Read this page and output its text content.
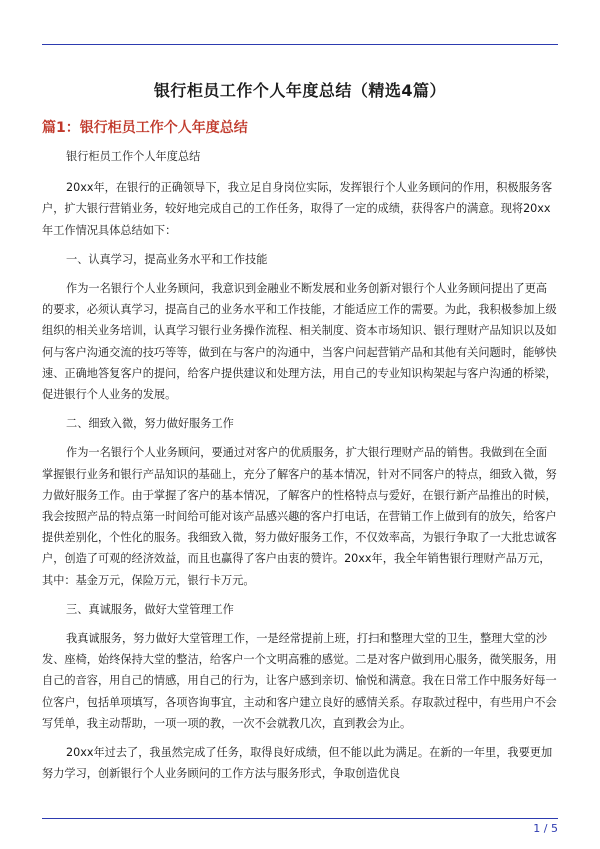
银行柜员工作个人年度总结（精选4篇）
篇1：银行柜员工作个人年度总结

银行柜员工作个人年度总结

20xx年，在银行的正确领导下，我立足自身岗位实际，发挥银行个人业务顾问的作用，积极服务客户，扩大银行营销业务，较好地完成自己的工作任务，取得了一定的成绩，获得客户的满意。现将20xx年工作情况具体总结如下：

一、认真学习，提高业务水平和工作技能

作为一名银行个人业务顾问，我意识到金融业不断发展和业务创新对银行个人业务顾问提出了更高的要求，必须认真学习，提高自己的业务水平和工作技能，才能适应工作的需要。为此，我积极参加上级组织的相关业务培训，认真学习银行业务操作流程、相关制度、资本市场知识、银行理财产品知识以及如何与客户沟通交流的技巧等等，做到在与客户的沟通中，当客户问起营销产品和其他有关问题时，能够快速、正确地答复客户的提问，给客户提供建议和处理方法，用自己的专业知识构架起与客户沟通的桥梁，促进银行个人业务的发展。

二、细致入微，努力做好服务工作

作为一名银行个人业务顾问，要通过对客户的优质服务，扩大银行理财产品的销售。我做到在全面掌握银行业务和银行产品知识的基础上，充分了解客户的基本情况，针对不同客户的特点，细致入微，努力做好服务工作。由于掌握了客户的基本情况，了解客户的性格特点与爱好，在银行新产品推出的时候，我会按照产品的特点第一时间给可能对该产品感兴趣的客户打电话，在营销工作上做到有的放矢，给客户提供差别化，个性化的服务。我细致入微，努力做好服务工作，不仅效率高，为银行争取了一大批忠诚客户，创造了可观的经济效益，而且也赢得了客户由衷的赞许。20xx年，我全年销售银行理财产品万元，其中：基金万元，保险万元，银行卡万元。

三、真诚服务，做好大堂管理工作

我真诚服务，努力做好大堂管理工作，一是经常提前上班，打扫和整理大堂的卫生，整理大堂的沙发、座椅，始终保持大堂的整洁，给客户一个文明高雅的感觉。二是对客户做到用心服务，微笑服务，用自己的音容，用自己的情感，用自己的行为，让客户感到亲切、愉悦和满意。我在日常工作中服务好每一位客户，包括单项填写，各项咨询事宜，主动和客户建立良好的感情关系。存取款过程中，有些用户不会写凭单，我主动帮助，一项一项的教，一次不会就教几次，直到教会为止。

20xx年过去了，我虽然完成了任务，取得良好成绩，但不能以此为满足。在新的一年里，我要更加努力学习，创新银行个人业务顾问的工作方法与服务形式，争取创造优良

1 / 5
